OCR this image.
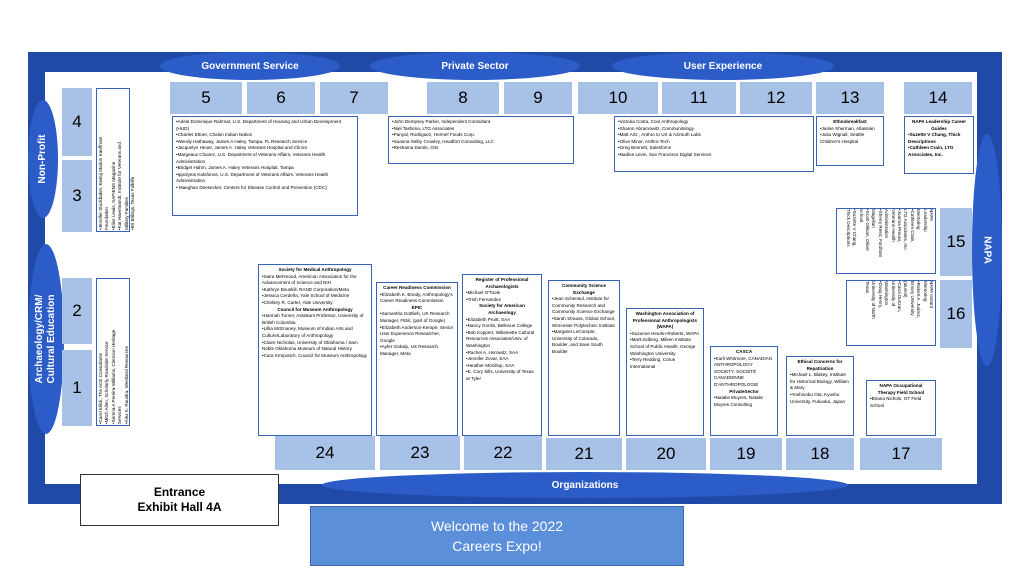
Government Service	Private Sector	User Experience
Organizations
Non-Profit
Archaeology/CRM/
Cultural Education
NAPA
5	6	7	8	9	10	11	12	13	14
4
3
2
1
15
16
24	23	22	21	20	19	18	17

•Adela Dominique Rahmat, U.S. Department of Housing and Urban Development (HUD)
•Charles Ettner, Chalon Indian Nation
•Wendy Hathaway, James A Haley, Tampa, FL Research Service
•Jacquelyn Heuer, James A. Haley Veterans Hospital and Clinics
•Margeaux Chavez, U.S. Department of Veterans Affairs, Veterans Health Administration
•Bridget Hahm, James A. Haley Veterans Hospital, Tampa
•Ippolytos Kalofonos, U.S. Department of Veterans Affairs, Veterans Health Administration
• Maeghan Deesecker, Centers for Disease Control and Prevention (CDC)

•John Dempsey Parker, Independent Consultant
•Niel Tashima, LTG Associates
•Panyal, Rodriguez, Hormel Foods Corp.
•Suanna Selby Crowley, Headfort Consulting, LLC
•Reshama Damle, OSI

•Victoria Costa, Cool Anthropology
•Sharon Abramowitz, Communitology
•Matt Artz , Anthro to UX & Azimuth Labs
•Olive Minor, Anthro-Tech
•Greg Bennett, Salesforce
•Nadine Levin, San Francisco Digital Services

Ethnobreakfast

•Jamie Sherman, Atlassian
•Julia Wignall, Seattle Children's Hospital

NAPA Leadership Career Guides

•Suzette V Chang, Thick Descriptions
•Cathleen Crain, LTG Associates, Inc.

•Jennifer Stuckbaker, Ewing Marion Kauffman
Foundation
•Elise Lewis, SAPIENS Magazine
•Kat Haverwandt, Institute for Veterans and
Military Families
•Bri Billings, Texas Folklife
•Carol Ellick, The ACE Consultants
•Mitch Allen, Scholarly Roadside Service
•Serena A Pereira-Williams, Clemson Heritage
Services
•Alex K. Ruuska, Westland Resources
NAPA
Leadership
Mentoring
•Cathleen Crain,
LTG Associates, Inc.
•Joanna Preuss,
Veterans Health
Administration
•Sherry Reed, Fordham
Magellan
•Scott Ollivan, Olivet
school
•Suzette V Chang,
Thick Descriptions
NAPA Instant
Mentoring
•Robert A. Juárez,
Emory University
(alumni)
•Carol Dunzan,
University of
Washington
•Doug Henry,
University of North
Texas
Society for Medical Anthropology

•Saira Mehmood, American Association for the Advancement of Science and NIH
•Kathryn Bouskill, RAND Corporation/Meta
•Jessica Cerdeña, Yale School of Medicine
•Chelsey R. Carter, Yale University

Council for Museum Anthropology

•Hannah Turner, Assistant Professor, University of British Columbia
•Lillia McEnaney, Museum of Indian Arts and Culture/Laboratory of Anthropology
•Claire Nicholas, University of Oklahoma / Sam Noble Oklahoma Museum of Natural History
•Cara Krmpotich, Council for Museum Anthropology

Career Readiness Commission

•Elizabeth K. Briody, Anthropology's Career Readiness Commission

EPIC

•Samantha Gottlieb, UX Research Manager, Fitbit, (part of Google)
•Elizabeth Anderson-Kempe, Senior User Experience Researcher, Google
•Ayfer Gokalp, UX Research Manager, Meta

Register of Professional Archaeologists

•Michael O'Toole
•Trish Fernandez

Society for American Archaeology

•Elizabeth Pruitt, SAA
•Nancy Gonlin, Bellevue College
•Bob Koppert, Willamette Cultural Resources Associates/Univ. of Washington
•Rachel A. Horowitz, SAA
•Jennifer Zovar, SAA
•Heather McKillop, SAA
•E. Cory Sills, University of Texas at Tyler

Community Science Exchange

•Jean Schensul, Institute for Community Research and Community Science Exchange
•Sarah Strauss, Global School, Worcester Polytechnic Institute
•Margaret LeCompte, University of Colorado, Boulder, and Save South Boulder

Washington Association of Professional Anthropologists (WAPA)

•Suzanne Heurtin-Roberts, WAPA
•Mark Edberg, Milken Institute School of Public Health, George Washington University
•Terry Redding, Corus International

CASCA

•Karli Whitmore, CANADIAN ANTHROPOLOGY SOCIETY, SOCIÉTÉ CANADIENNE D'ANTHROPOLOGIE

PrivateSector

•Natalie Muyres, Natalie Muyres Consulting

Ethical Concerns for Repatriation

•Michael L. Blakey, Institute for Historical Biology, William & Mary
•Yoshinobu Ota, Kyushu University, Fukuoka, Japan

NAPA Occupational Therapy Field School

•Briana Nichols, OT Field School

Entrance
Exhibit Hall 4A
Welcome to the 2022
Careers Expo!
